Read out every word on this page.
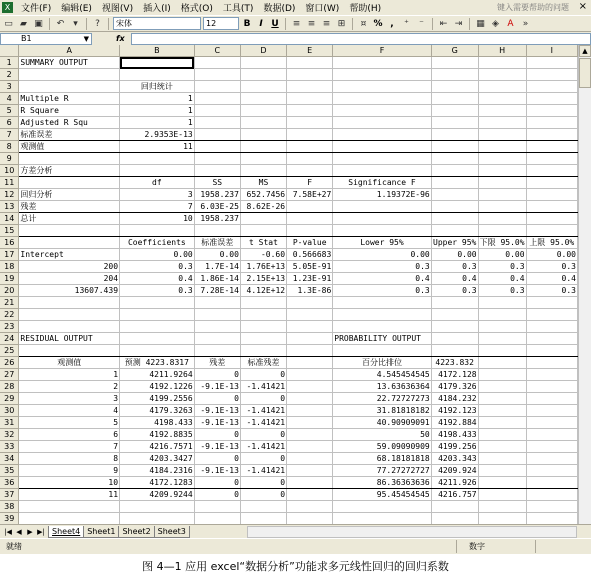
X	文件(F)	编辑(E)	视图(V)	插入(I)	格式(O)	工具(T)	数据(D)	窗口(W)	帮助(H)	键入需要帮助的问题 ×
▭ ▰ ▣	↶ ▾	?	宋体	12	B I U	≡ ≡ ≡ ⊞	¤ % ,	⁺	⁻	⇤ ⇥	▦ ◈ A	»
B1	▼	fx
	A	B	C	D	E	F	G	H	I
1	SUMMARY OUTPUT								
2									
3		回归统计							
4	Multiple R	1							
5	R Square	1							
6	Adjusted R Squ	1							
7	标准误差	2.9353E-13							
8	观测值	11							
9									
10	方差分析								
11		df	SS	MS	F	Significance F			
12	回归分析	3	1958.237	652.7456	7.58E+27	1.19372E-96			
13	残差	7	6.03E-25	8.62E-26					
14	总计	10	1958.237						
15									
16		Coefficients	标准误差	t Stat	P-value	Lower 95%	Upper 95%	下限 95.0%	上限 95.0%
17	Intercept	0.00	0.00	-0.60	0.566683	0.00	0.00	0.00	0.00
18	200	0.3	1.7E-14	1.76E+13	5.05E-91	0.3	0.3	0.3	0.3
19	204	0.4	1.86E-14	2.15E+13	1.23E-91	0.4	0.4	0.4	0.4
20	13607.439	0.3	7.28E-14	4.12E+12	1.3E-86	0.3	0.3	0.3	0.3
21									
22									
23									
24	RESIDUAL OUTPUT					PROBABILITY OUTPUT			
25									
26	观测值	预测 4223.8317	残差	标准残差		百分比排位	4223.832		
27	1	4211.9264	0	0		4.545454545	4172.128		
28	2	4192.1226	-9.1E-13	-1.41421		13.63636364	4179.326		
29	3	4199.2556	0	0		22.72727273	4184.232		
30	4	4179.3263	-9.1E-13	-1.41421		31.81818182	4192.123		
31	5	4198.433	-9.1E-13	-1.41421		40.90909091	4192.884		
32	6	4192.8835	0	0		50	4198.433		
33	7	4216.7571	-9.1E-13	-1.41421		59.09090909	4199.256		
34	8	4203.3427	0	0		68.18181818	4203.343		
35	9	4184.2316	-9.1E-13	-1.41421		77.27272727	4209.924		
36	10	4172.1283	0	0		86.36363636	4211.926		
37	11	4209.9244	0	0		95.45454545	4216.757		
38									
39									
▲
|◀ ◀ ▶ ▶| Sheet4 Sheet1 Sheet2 Sheet3
就绪	数字
图 4—1 应用 excel“数据分析”功能求多元线性回归的回归系数
